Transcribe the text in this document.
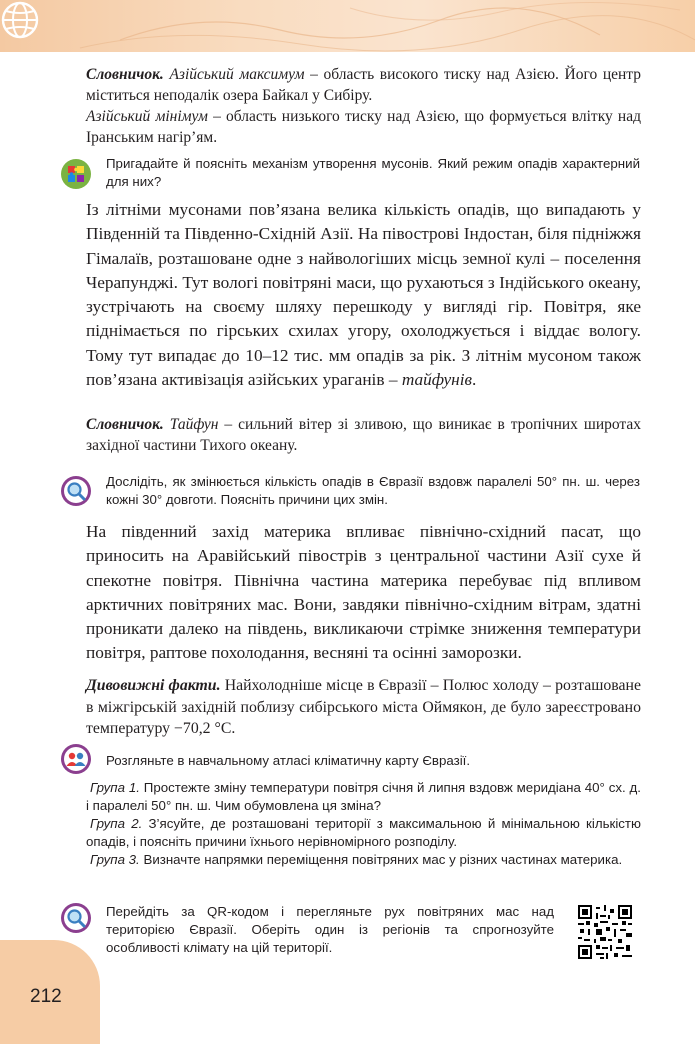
Словничок. Азійський максимум – область високого тиску над Азією. Його центр міститься неподалік озера Байкал у Сибіру.
Азійський мінімум – область низького тиску над Азією, що формується влітку над Іранським нагір’ям.
Пригадайте й поясніть механізм утворення мусонів. Який режим опадів характерний для них?
Із літніми мусонами пов’язана велика кількість опадів, що випадають у Південній та Південно-Східній Азії. На півострові Індостан, біля підніжжя Гімалаїв, розташоване одне з найвологіших місць земної кулі – поселення Черапунджі. Тут вологі повітряні маси, що рухаються з Індійського океану, зустрічають на своєму шляху перешкоду у вигляді гір. Повітря, яке піднімається по гірських схилах угору, охолоджується і віддає вологу. Тому тут випадає до 10–12 тис. мм опадів за рік. З літнім мусоном також пов’язана активізація азійських ураганів – тайфунів.
Словничок. Тайфун – сильний вітер зі зливою, що виникає в тропічних широтах західної частини Тихого океану.
Дослідіть, як змінюється кількість опадів в Євразії вздовж паралелі 50° пн. ш. через кожні 30° довготи. Поясніть причини цих змін.
На південний захід материка впливає північно-східний пасат, що приносить на Аравійський півострів з центральної частини Азії сухе й спекотне повітря. Північна частина материка перебуває під впливом арктичних повітряних мас. Вони, завдяки північно-східним вітрам, здатні проникати далеко на південь, викликаючи стрімке зниження температури повітря, раптове похолодання, весняні та осінні заморозки.
Дивовижні факти. Найхолодніше місце в Євразії – Полюс холоду – розташоване в міжгірській західній поблизу сибірського міста Оймякон, де було зареєстровано температуру −70,2 °С.
Розгляньте в навчальному атласі кліматичну карту Євразії.
Група 1. Простежте зміну температури повітря січня й липня вздовж меридіана 40° сх. д. і паралелі 50° пн. ш. Чим обумовлена ця зміна?
Група 2. З’ясуйте, де розташовані території з максимальною й мінімальною кількістю опадів, і поясніть причини їхнього нерівномірного розподілу.
Група 3. Визначте напрямки переміщення повітряних мас у різних частинах материка.
Перейдіть за QR-кодом і перегляньте рух повітряних мас над територією Євразії. Оберіть один із регіонів та спрогнозуйте особливості клімату на цій території.
212
